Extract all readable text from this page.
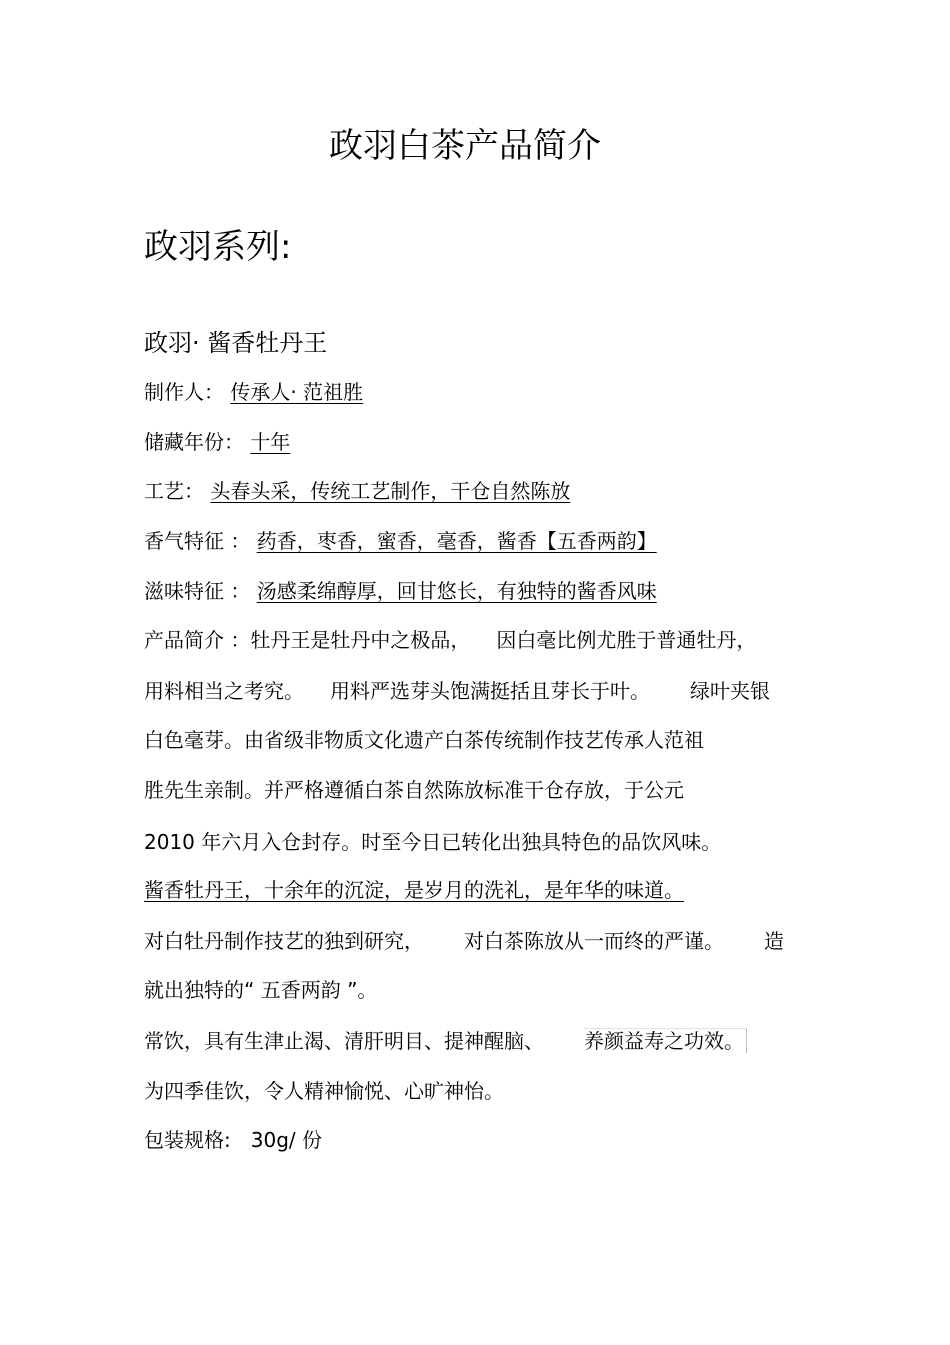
政羽白茶产品简介
政羽系列:
政羽· 酱香牡丹王
制作人： 传承人· 范祖胜
储藏年份： 十年
工艺： 头春头采，传统工艺制作，干仓自然陈放
香气特征 ： 药香，枣香，蜜香，毫香，酱香【五香两韵】
滋味特征 ： 汤感柔绵醇厚，回甘悠长，有独特的酱香风味
产品简介 ：牡丹王是牡丹中之极品， 因白毫比例尤胜于普通牡丹，
用料相当之考究。 用料严选芽头饱满挺括且芽长于叶。 绿叶夹银
白色毫芽。由省级非物质文化遗产白茶传统制作技艺传承人范祖
胜先生亲制。并严格遵循白茶自然陈放标准干仓存放，于公元
2010 年六月入仓封存。时至今日已转化出独具特色的品饮风味。
酱香牡丹王，十余年的沉淀，是岁月的洗礼，是年华的味道。
对白牡丹制作技艺的独到研究， 对白茶陈放从一而终的严谨。 造
就出独特的“ 五香两韵 ”。
常饮，具有生津止渴、清肝明目、提神醒脑、 养颜益寿之功效。
为四季佳饮，令人精神愉悦、心旷神怡。
包装规格: 30g/ 份
